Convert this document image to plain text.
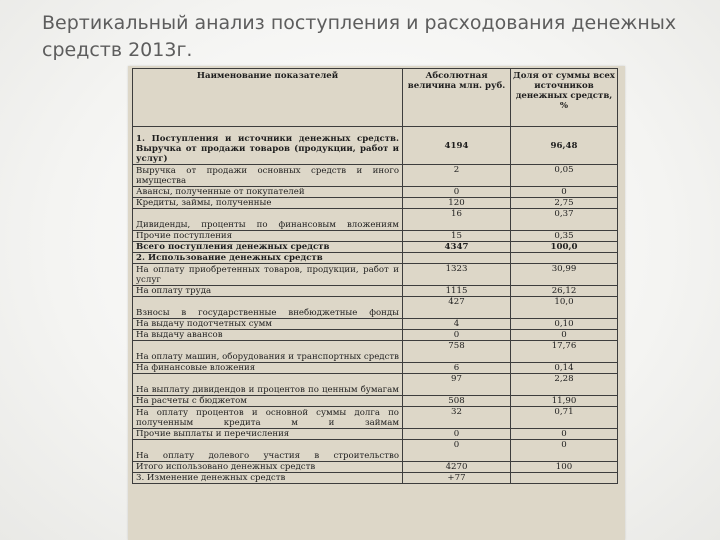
Вертикальный анализ поступления и расходования денежных средств 2013г.
Наименование показателей	Абсолютная величина млн. руб.	Доля от суммы всех источников денежных средств, %

1. Поступления и источники денежных средств. Выручка от продажи товаров (продукции, работ и услуг)	4194	96,48

Выручка от продажи основных средств и иного имущества	2	0,05

Авансы, полученные от покупателей	0	0

Кредиты, займы, полученные	120	2,75

Дивиденды, проценты по финансовым вложениям	16	0,37

Прочие поступления	15	0,35

Всего поступления денежных средств	4347	100,0

2. Использование денежных средств		

На оплату приобретенных товаров, продукции, работ и услуг	1323	30,99

На оплату труда	1115	26,12

Взносы в государственные внебюджетные фонды	427	10,0

На выдачу подотчетных сумм	4	0,10

На выдачу авансов	0	0

На оплату машин, оборудования и транспортных средств	758	17,76

На финансовые вложения	6	0,14

На выплату дивидендов и процентов по ценным бумагам	97	2,28

На расчеты с бюджетом	508	11,90

На оплату процентов и основной суммы долга по полученным кредита м и займам	32	0,71

Прочие выплаты и перечисления	0	0

На оплату долевого участия в строительство	0	0

Итого использовано денежных средств	4270	100

3. Изменение денежных средств	+77	
